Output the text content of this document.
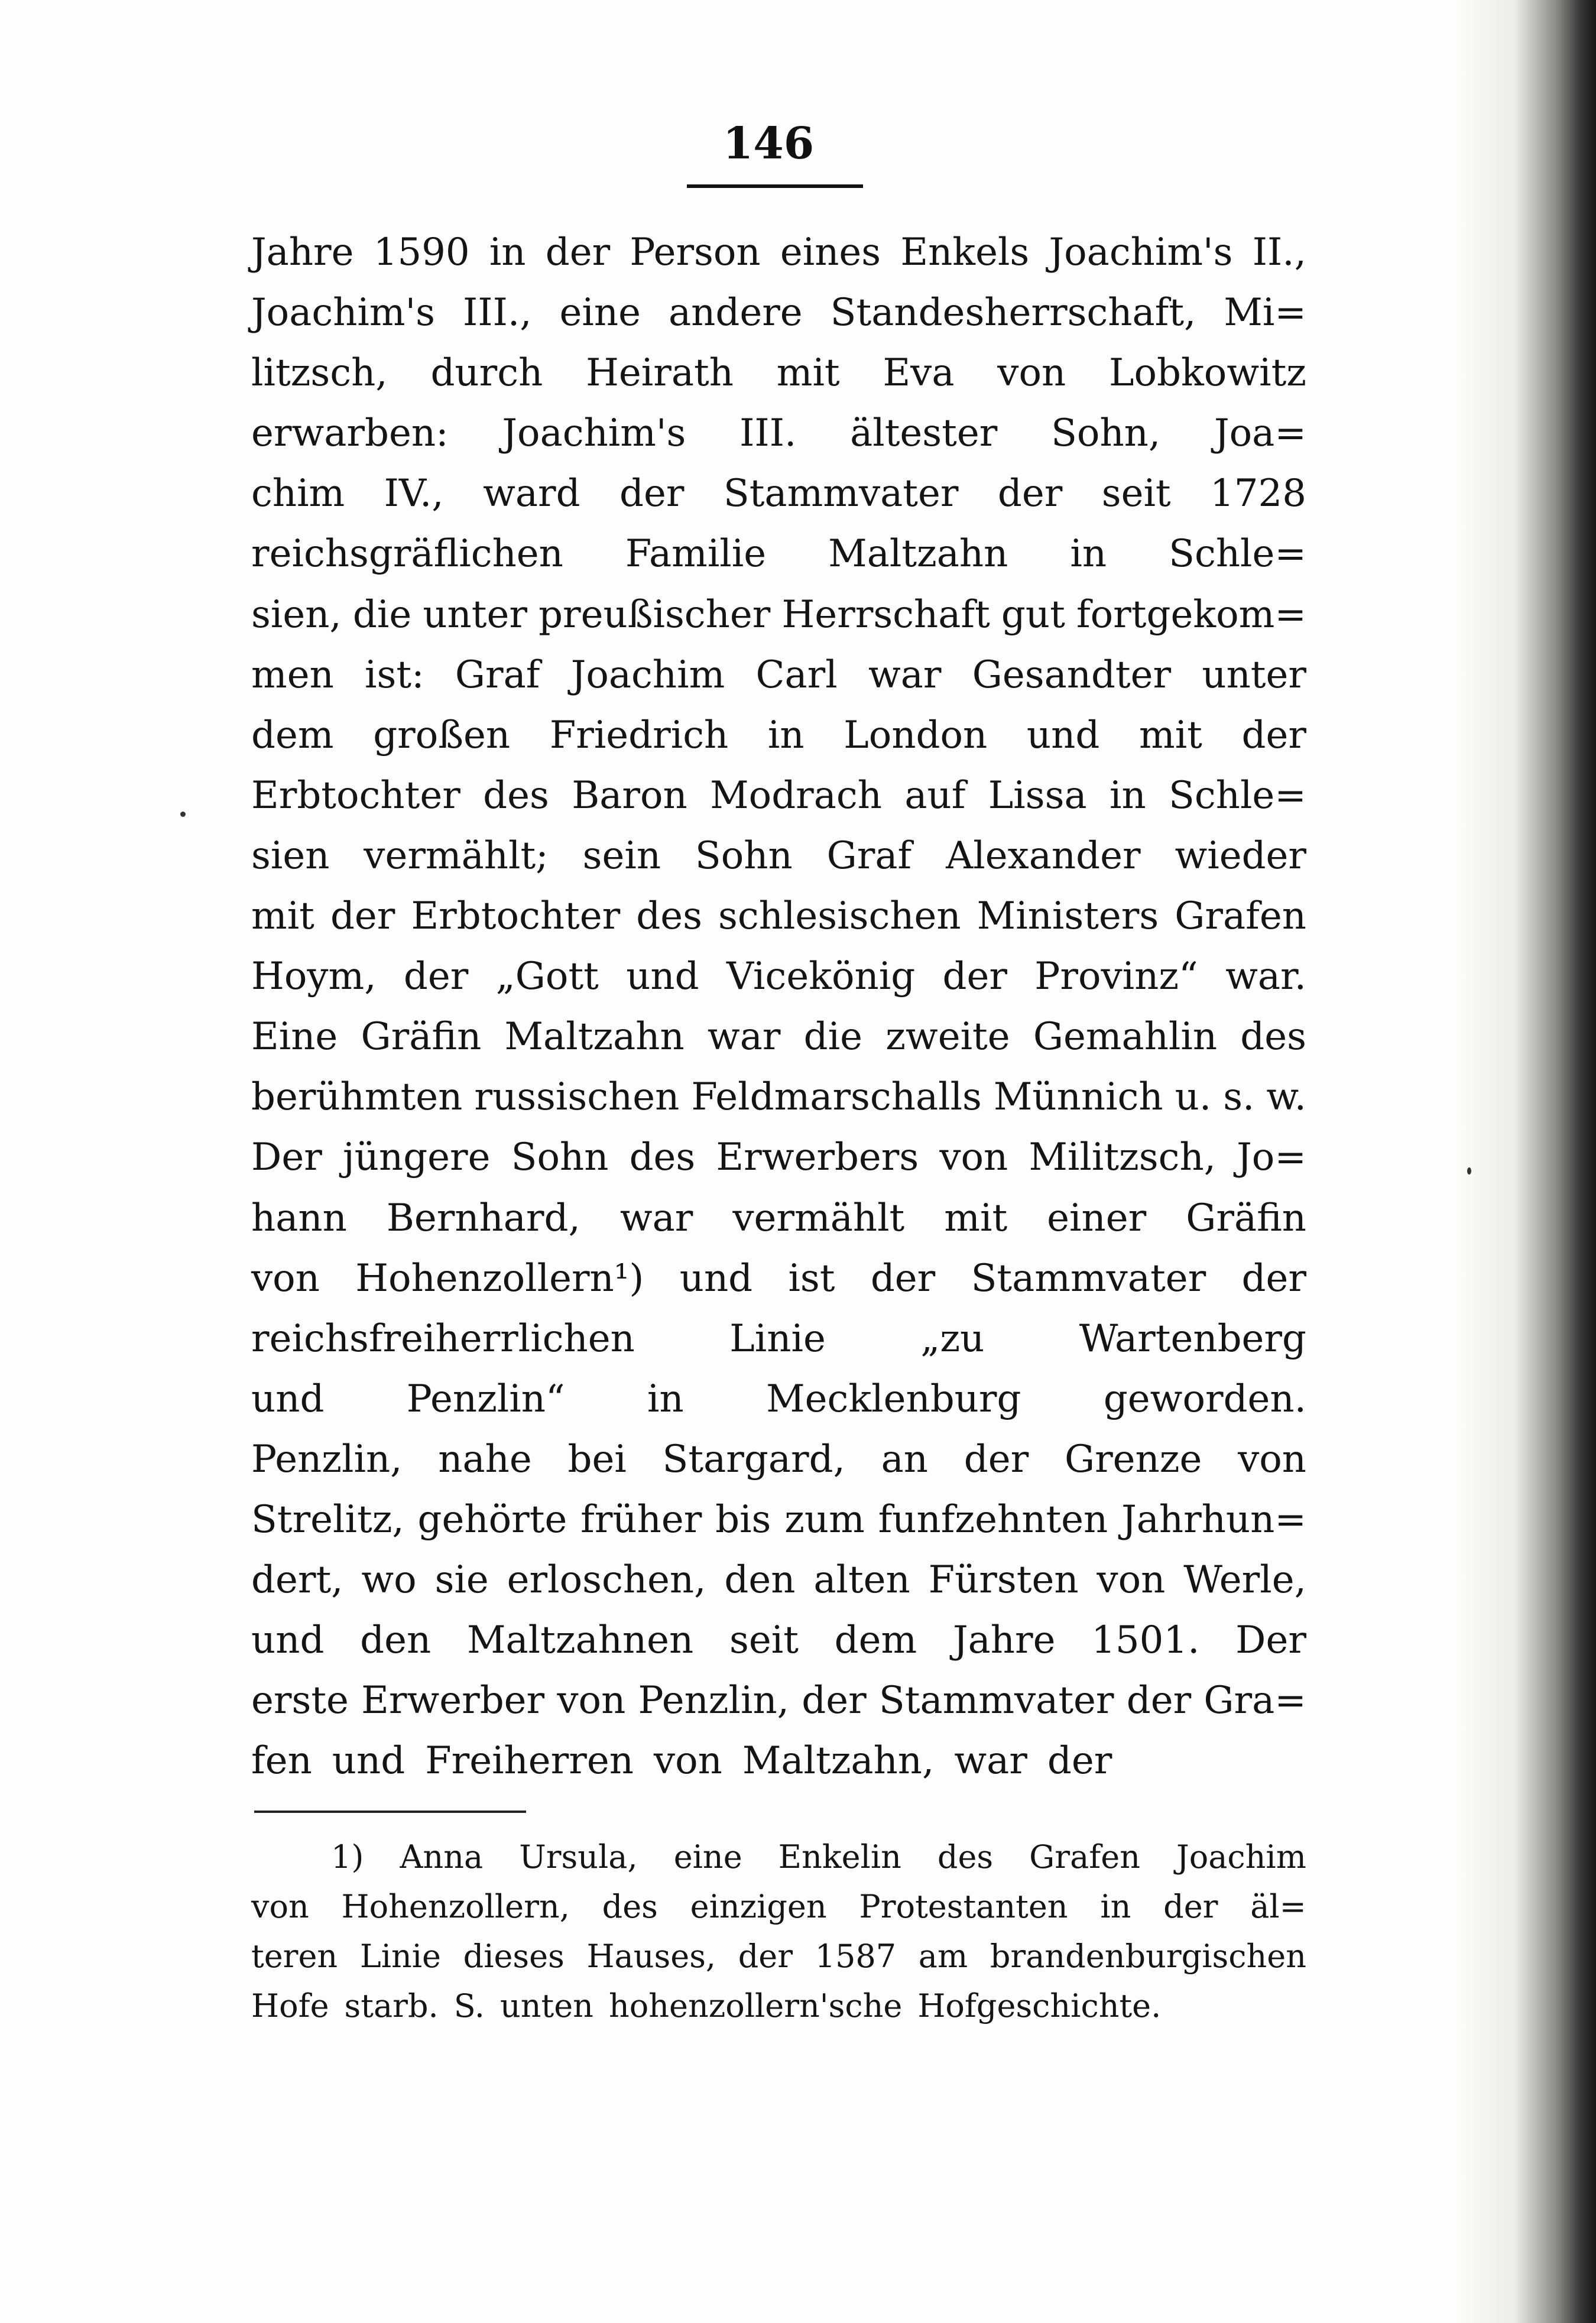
146
Jahre 1590 in der Person eines Enkels Joachim's II.,
Joachim's III., eine andere Standesherrschaft, Mi=
litzsch, durch Heirath mit Eva von Lobkowitz
erwarben: Joachim's III. ältester Sohn, Joa=
chim IV., ward der Stammvater der seit 1728
reichsgräflichen Familie Maltzahn in Schle=
sien, die unter preußischer Herrschaft gut fortgekom=
men ist: Graf Joachim Carl war Gesandter unter
dem großen Friedrich in London und mit der
Erbtochter des Baron Modrach auf Lissa in Schle=
sien vermählt; sein Sohn Graf Alexander wieder
mit der Erbtochter des schlesischen Ministers Grafen
Hoym, der „Gott und Vicekönig der Provinz“ war.
Eine Gräfin Maltzahn war die zweite Gemahlin des
berühmten russischen Feldmarschalls Münnich u. s. w.
Der jüngere Sohn des Erwerbers von Militzsch, Jo=
hann Bernhard, war vermählt mit einer Gräfin
von Hohenzollern¹) und ist der Stammvater der
reichsfreiherrlichen	Linie	„zu	Wartenberg
und Penzlin“ in Mecklenburg geworden.
Penzlin, nahe bei Stargard, an der Grenze von
Strelitz, gehörte früher bis zum funfzehnten Jahrhun=
dert, wo sie erloschen, den alten Fürsten von Werle,
und den Maltzahnen seit dem Jahre 1501. Der
erste Erwerber von Penzlin, der Stammvater der Gra=
fen und Freiherren von Maltzahn, war der
1) Anna Ursula, eine Enkelin des Grafen Joachim
von Hohenzollern, des einzigen Protestanten in der äl=
teren Linie dieses Hauses, der 1587 am brandenburgischen
Hofe starb. S. unten hohenzollern'sche Hofgeschichte.
